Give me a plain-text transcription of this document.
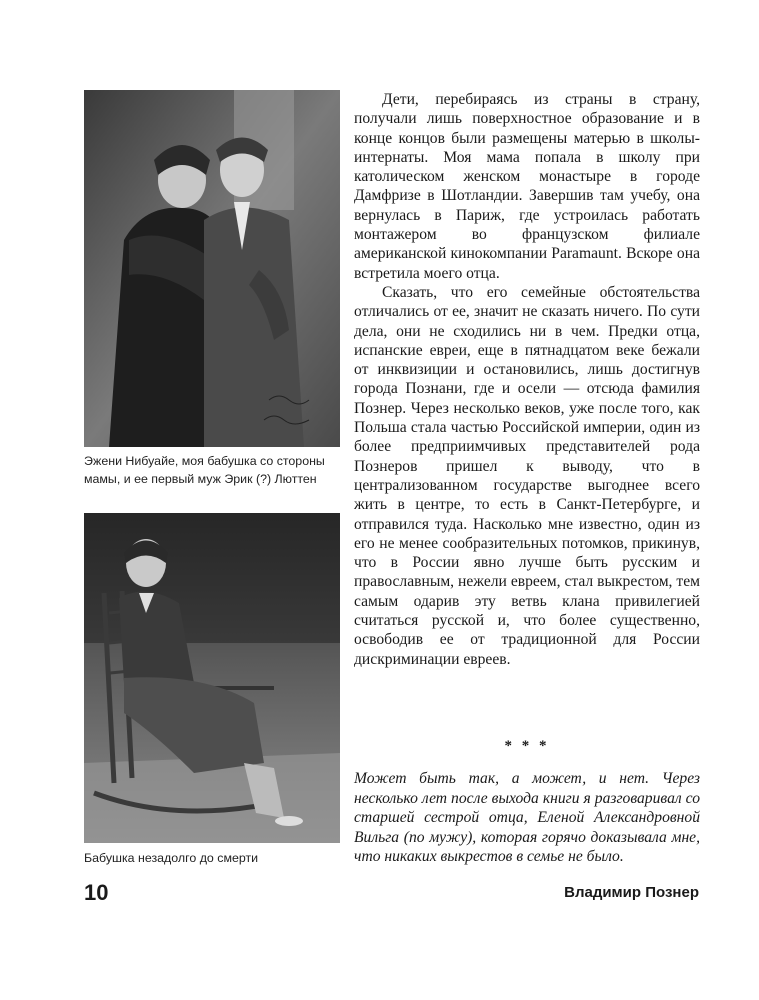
Эжени Нибуайе, моя бабушка со стороны мамы, и ее первый муж Эрик (?) Люттен
Бабушка незадолго до смерти

Дети, перебираясь из страны в страну, получали лишь поверхностное образование и в конце концов были размещены матерью в школы-интернаты. Моя мама попала в школу при католическом женском монастыре в городе Дамфризе в Шотландии. Завершив там учебу, она вернулась в Париж, где устроилась работать монтажером во французском филиале американской кинокомпании Paramaunt. Вскоре она встретила моего отца.

Сказать, что его семейные обстоятельства отличались от ее, значит не сказать ничего. По сути дела, они не сходились ни в чем. Предки отца, испанские евреи, еще в пятнадцатом веке бежали от инквизиции и остановились, лишь достигнув города Познани, где и осели — отсюда фамилия Познер. Через несколько веков, уже после того, как Польша стала частью Российской империи, один из более предприимчивых представителей рода Познеров пришел к выводу, что в централизованном государстве выгоднее всего жить в центре, то есть в Санкт-Петербурге, и отправился туда. Насколько мне известно, один из его не менее сообразительных потомков, прикинув, что в России явно лучше быть русским и православным, нежели евреем, стал выкрестом, тем самым одарив эту ветвь клана привилегией считаться русской и, что более существенно, освободив ее от традиционной для России дискриминации евреев.

* * *

Может быть так, а может, и нет. Через несколько лет после выхода книги я разговаривал со старшей сестрой отца, Еленой Александровной Вильга (по мужу), которая горячо доказывала мне, что никаких выкрестов в семье не было.

10	Владимир Познер
